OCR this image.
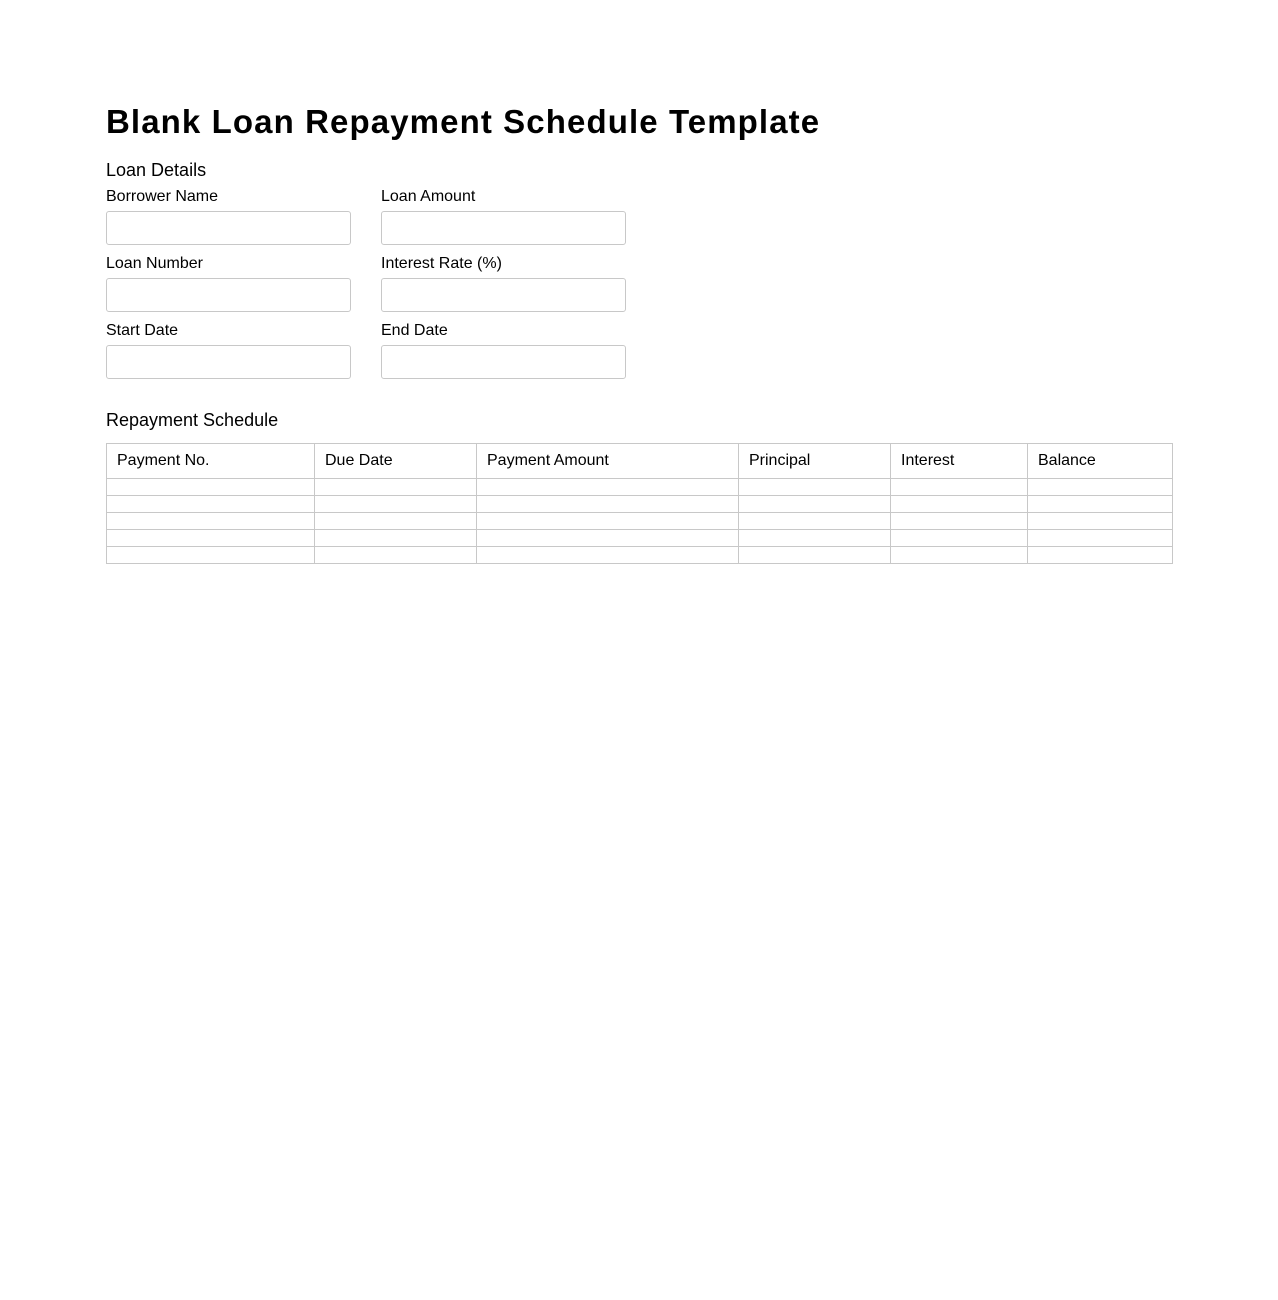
Blank Loan Repayment Schedule Template
Loan Details
Borrower Name	Loan Amount
Loan Number	Interest Rate (%)
Start Date	End Date
Repayment Schedule
Payment No.	Due Date	Payment Amount	Principal	Interest	Balance
